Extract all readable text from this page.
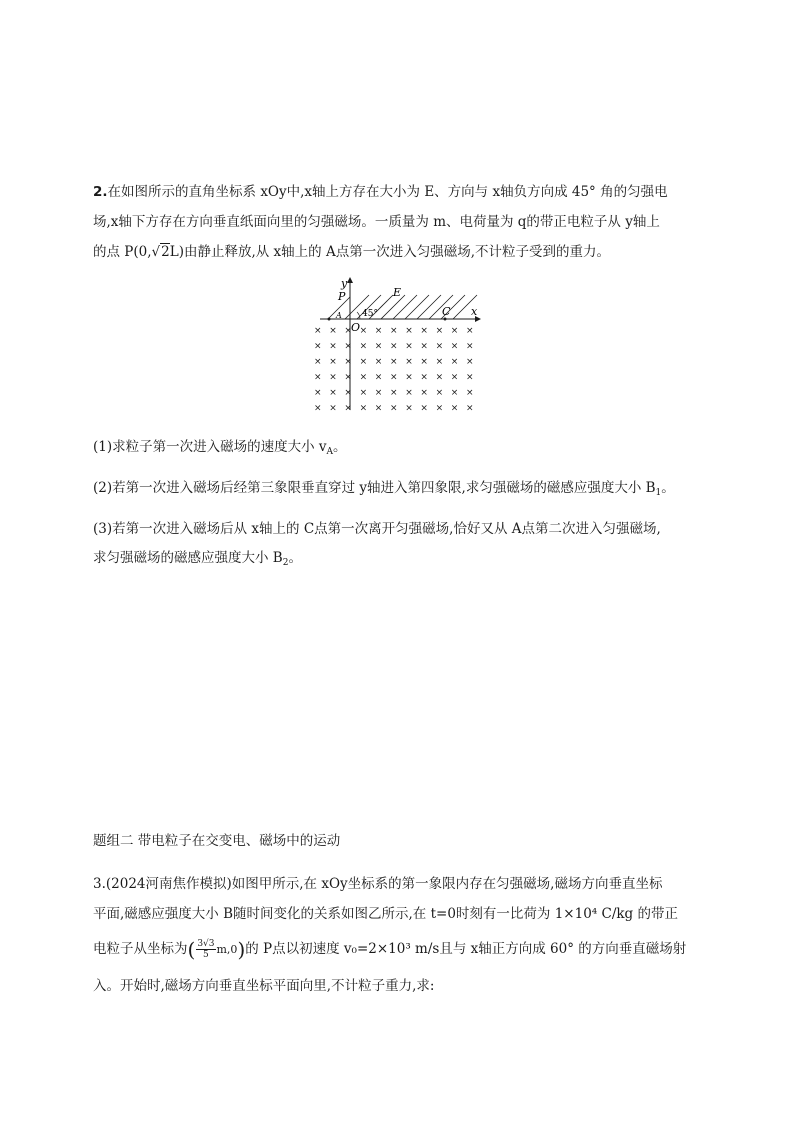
2.在如图所示的直角坐标系 xOy中,x轴上方存在大小为 E、方向与 x轴负方向成 45° 角的匀强电
场,x轴下方存在方向垂直纸面向里的匀强磁场。一质量为 m、电荷量为 q的带正电粒子从 y轴上
的点 P(0,√2L)由静止释放,从 x轴上的 A点第一次进入匀强磁场,不计粒子受到的重力。
y
x
P	E
C
A
O
45°
× × × × × × × × × × ×
× × × × × × × × × × ×
× × × × × × × × × × ×
× × × × × × × × × × ×
× × × × × × × × × × ×
× × × × × × × × × × ×
(1)求粒子第一次进入磁场的速度大小 $v_A$。
(2)若第一次进入磁场后经第三象限垂直穿过 y轴进入第四象限,求匀强磁场的磁感应强度大小 $B_1$。
(3)若第一次进入磁场后从 x轴上的 C点第一次离开匀强磁场,恰好又从 A点第二次进入匀强磁场,
求匀强磁场的磁感应强度大小 $B_2$。
题组二 带电粒子在交变电、磁场中的运动
3.(2024河南焦作模拟)如图甲所示,在 xOy坐标系的第一象限内存在匀强磁场,磁场方向垂直坐标
平面,磁感应强度大小 B随时间变化的关系如图乙所示,在 t=0时刻有一比荷为 1×10⁴ C/kg 的带正
电粒子从坐标为( $\frac{3√3}{5} m,0$)的 P点以初速度 v₀=2×10³ m/s且与 x轴正方向成 60° 的方向垂直磁场射
入。开始时,磁场方向垂直坐标平面向里,不计粒子重力,求:
